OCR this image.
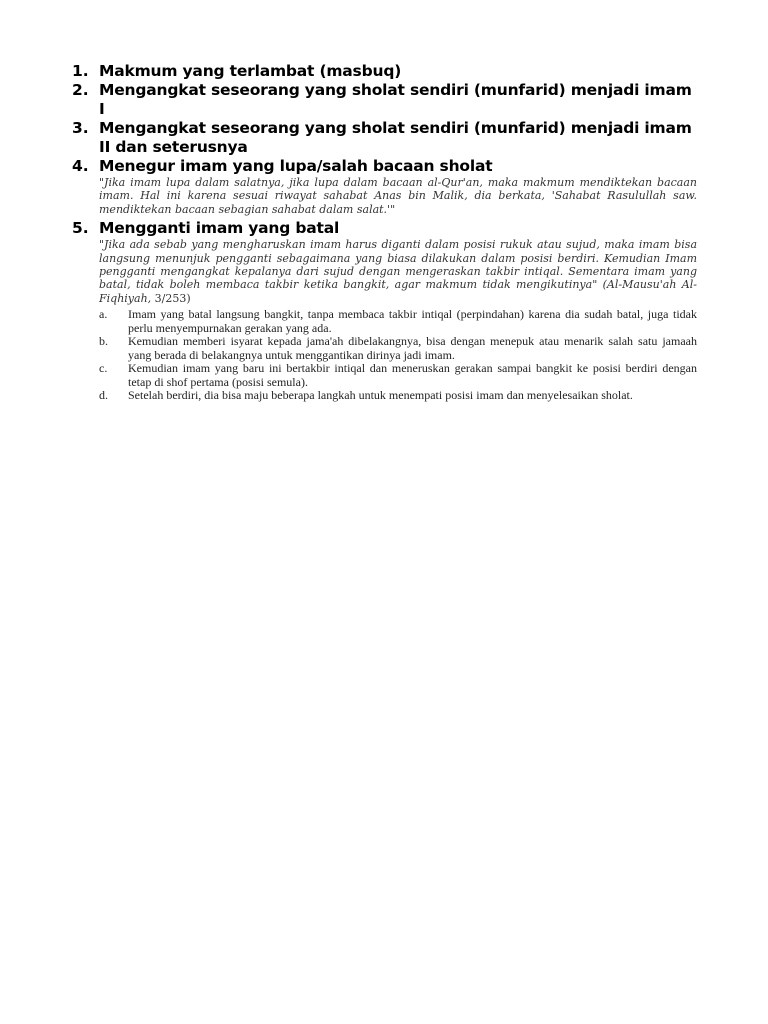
1. Makmum yang terlambat (masbuq)
2. Mengangkat seseorang yang sholat sendiri (munfarid) menjadi imam I
3. Mengangkat seseorang yang sholat sendiri (munfarid) menjadi imam II dan seterusnya
4. Menegur imam yang lupa/salah bacaan sholat
"Jika imam lupa dalam salatnya, jika lupa dalam bacaan al-Qur'an, maka makmum mendiktekan bacaan imam. Hal ini karena sesuai riwayat sahabat Anas bin Malik, dia berkata, 'Sahabat Rasulullah saw. mendiktekan bacaan sebagian sahabat dalam salat.'"
5. Mengganti imam yang batal
"Jika ada sebab yang mengharuskan imam harus diganti dalam posisi rukuk atau sujud, maka imam bisa langsung menunjuk pengganti sebagaimana yang biasa dilakukan dalam posisi berdiri. Kemudian Imam pengganti mengangkat kepalanya dari sujud dengan mengeraskan takbir intiqal. Sementara imam yang batal, tidak boleh membaca takbir ketika bangkit, agar makmum tidak mengikutinya" (Al-Mausu'ah Al-Fiqhiyah, 3/253)
a. Imam yang batal langsung bangkit, tanpa membaca takbir intiqal (perpindahan) karena dia sudah batal, juga tidak perlu menyempurnakan gerakan yang ada.
b. Kemudian memberi isyarat kepada jama'ah dibelakangnya, bisa dengan menepuk atau menarik salah satu jamaah yang berada di belakangnya untuk menggantikan dirinya jadi imam.
c. Kemudian imam yang baru ini bertakbir intiqal dan meneruskan gerakan sampai bangkit ke posisi berdiri dengan tetap di shof pertama (posisi semula).
d. Setelah berdiri, dia bisa maju beberapa langkah untuk menempati posisi imam dan menyelesaikan sholat.
